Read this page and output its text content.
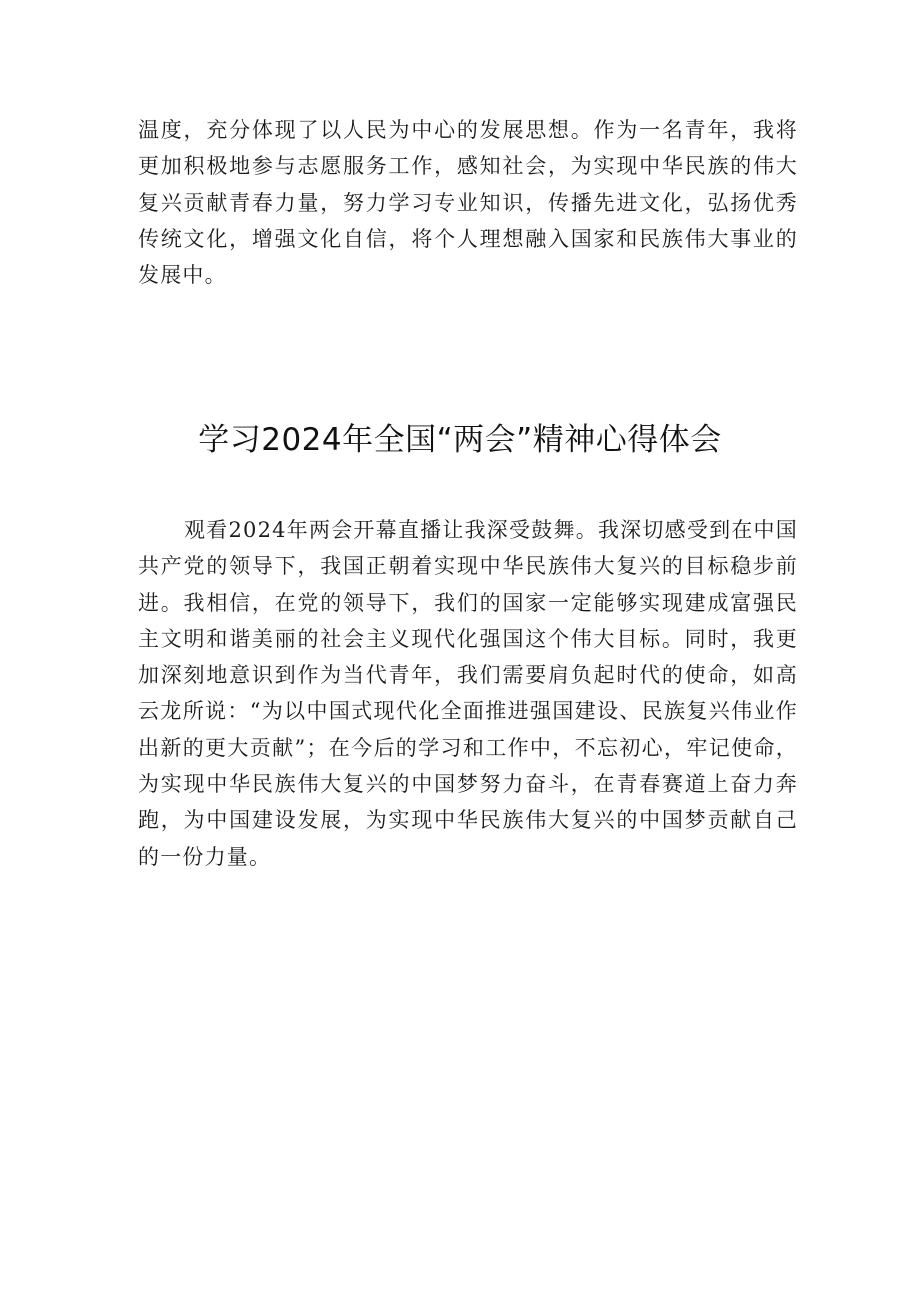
温度，充分体现了以人民为中心的发展思想。作为一名青年，我将更加积极地参与志愿服务工作，感知社会，为实现中华民族的伟大复兴贡献青春力量，努力学习专业知识，传播先进文化，弘扬优秀传统文化，增强文化自信，将个人理想融入国家和民族伟大事业的发展中。

学习2024年全国“两会”精神心得体会

观看2024年两会开幕直播让我深受鼓舞。我深切感受到在中国共产党的领导下，我国正朝着实现中华民族伟大复兴的目标稳步前进。我相信，在党的领导下，我们的国家一定能够实现建成富强民主文明和谐美丽的社会主义现代化强国这个伟大目标。同时，我更加深刻地意识到作为当代青年，我们需要肩负起时代的使命，如高云龙所说：“为以中国式现代化全面推进强国建设、民族复兴伟业作出新的更大贡献”；在今后的学习和工作中，不忘初心，牢记使命，为实现中华民族伟大复兴的中国梦努力奋斗，在青春赛道上奋力奔跑，为中国建设发展，为实现中华民族伟大复兴的中国梦贡献自己的一份力量。
